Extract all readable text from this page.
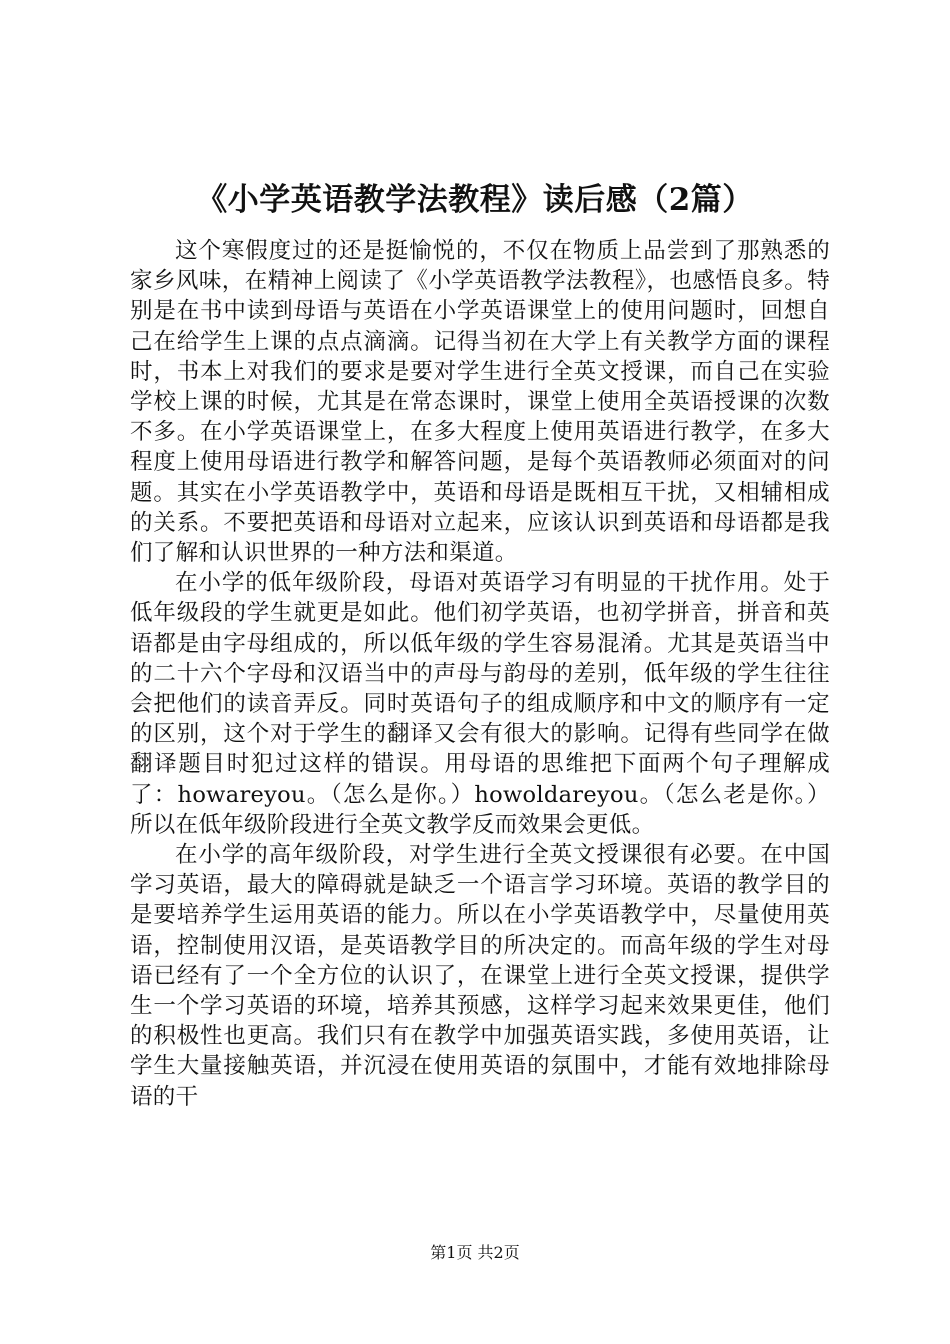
《小学英语教学法教程》读后感（2篇）

这个寒假度过的还是挺愉悦的，不仅在物质上品尝到了那熟悉的家乡风味，在精神上阅读了《小学英语教学法教程》，也感悟良多。特别是在书中读到母语与英语在小学英语课堂上的使用问题时，回想自己在给学生上课的点点滴滴。记得当初在大学上有关教学方面的课程时，书本上对我们的要求是要对学生进行全英文授课，而自己在实验学校上课的时候，尤其是在常态课时，课堂上使用全英语授课的次数不多。在小学英语课堂上，在多大程度上使用英语进行教学，在多大程度上使用母语进行教学和解答问题，是每个英语教师必须面对的问题。其实在小学英语教学中，英语和母语是既相互干扰，又相辅相成的关系。不要把英语和母语对立起来，应该认识到英语和母语都是我们了解和认识世界的一种方法和渠道。

在小学的低年级阶段，母语对英语学习有明显的干扰作用。处于低年级段的学生就更是如此。他们初学英语，也初学拼音，拼音和英语都是由字母组成的，所以低年级的学生容易混淆。尤其是英语当中的二十六个字母和汉语当中的声母与韵母的差别，低年级的学生往往会把他们的读音弄反。同时英语句子的组成顺序和中文的顺序有一定的区别，这个对于学生的翻译又会有很大的影响。记得有些同学在做翻译题目时犯过这样的错误。用母语的思维把下面两个句子理解成了：howareyou。（怎么是你。）howoldareyou。（怎么老是你。）所以在低年级阶段进行全英文教学反而效果会更低。

在小学的高年级阶段，对学生进行全英文授课很有必要。在中国学习英语，最大的障碍就是缺乏一个语言学习环境。英语的教学目的是要培养学生运用英语的能力。所以在小学英语教学中，尽量使用英语，控制使用汉语，是英语教学目的所决定的。而高年级的学生对母语已经有了一个全方位的认识了，在课堂上进行全英文授课，提供学生一个学习英语的环境，培养其预感，这样学习起来效果更佳，他们的积极性也更高。我们只有在教学中加强英语实践，多使用英语，让学生大量接触英语，并沉浸在使用英语的氛围中，才能有效地排除母语的干

第1页 共2页
